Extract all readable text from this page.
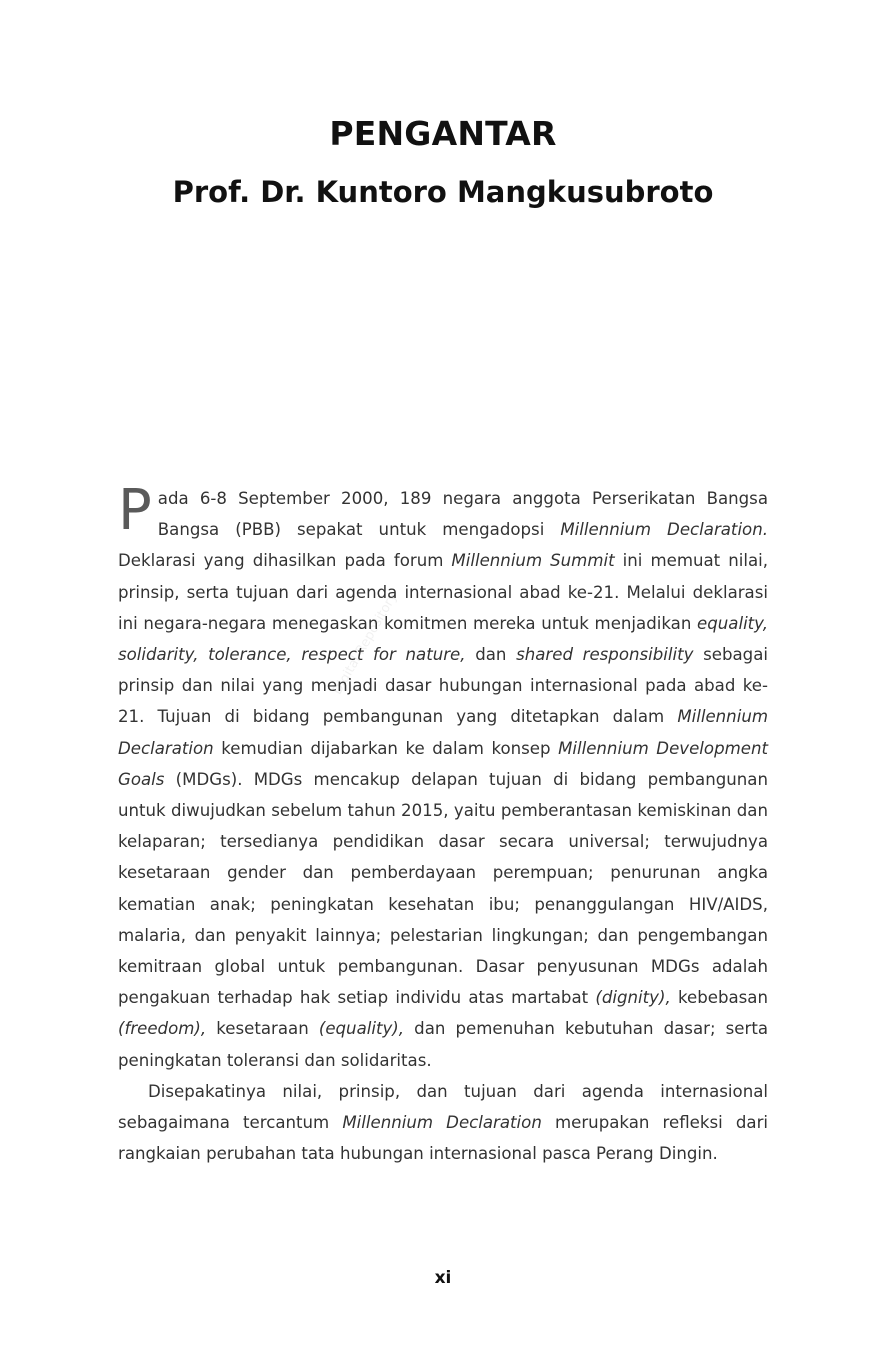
PENGANTAR
Prof. Dr. Kuntoro Mangkusubroto
Digital Repository

Pada 6-8 September 2000, 189 negara anggota Perserikatan Bangsa Bangsa (PBB) sepakat untuk mengadopsi Millennium Declaration. Deklarasi yang dihasilkan pada forum Millennium Summit ini memuat nilai, prinsip, serta tujuan dari agenda internasional abad ke-21. Melalui deklarasi ini negara-negara menegaskan komitmen mereka untuk menjadikan equality, solidarity, tolerance, respect for nature, dan shared responsibility sebagai prinsip dan nilai yang menjadi dasar hubungan internasional pada abad ke-21. Tujuan di bidang pembangunan yang ditetapkan dalam Millennium Declaration kemudian dijabarkan ke dalam konsep Millennium Development Goals (MDGs). MDGs mencakup delapan tujuan di bidang pembangunan untuk diwujudkan sebelum tahun 2015, yaitu pemberantasan kemiskinan dan kelaparan; tersedianya pendidikan dasar secara universal; terwujudnya kesetaraan gender dan pemberdayaan perempuan; penurunan angka kematian anak; peningkatan kesehatan ibu; penanggulangan HIV/AIDS, malaria, dan penyakit lainnya; pelestarian lingkungan; dan pengembangan kemitraan global untuk pembangunan. Dasar penyusunan MDGs adalah pengakuan terhadap hak setiap individu atas martabat (dignity), kebebasan (freedom), kesetaraan (equality), dan pemenuhan kebutuhan dasar; serta peningkatan toleransi dan solidaritas.

Disepakatinya nilai, prinsip, dan tujuan dari agenda internasional sebagaimana tercantum Millennium Declaration merupakan refleksi dari rangkaian perubahan tata hubungan internasional pasca Perang Dingin.

xi
